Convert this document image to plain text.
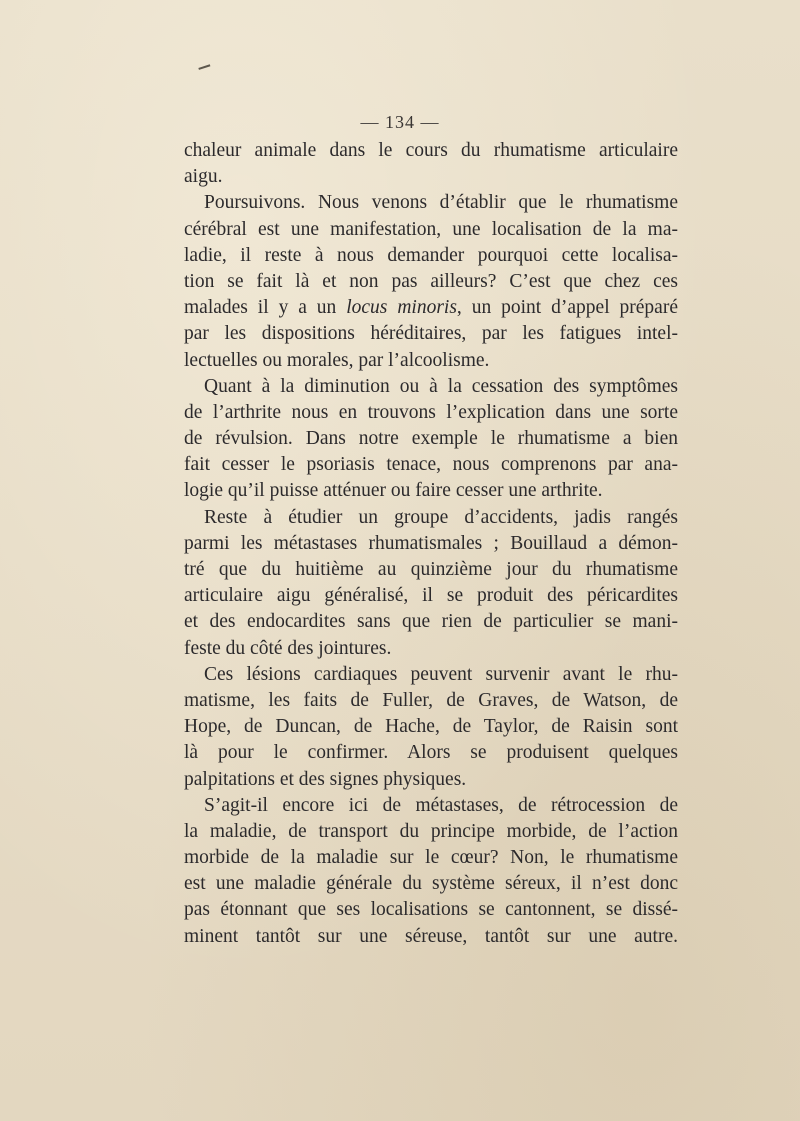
— 134 —
chaleur animale dans le cours du rhumatisme articulaire
aigu.
Poursuivons. Nous venons d’établir que le rhumatisme
cérébral est une manifestation, une localisation de la ma-
ladie, il reste à nous demander pourquoi cette localisa-
tion se fait là et non pas ailleurs? C’est que chez ces
malades il y a un locus minoris, un point d’appel préparé
par les dispositions héréditaires, par les fatigues intel-
lectuelles ou morales, par l’alcoolisme.
Quant à la diminution ou à la cessation des symptômes
de l’arthrite nous en trouvons l’explication dans une sorte
de révulsion. Dans notre exemple le rhumatisme a bien
fait cesser le psoriasis tenace, nous comprenons par ana-
logie qu’il puisse atténuer ou faire cesser une arthrite.
Reste à étudier un groupe d’accidents, jadis rangés
parmi les métastases rhumatismales ; Bouillaud a démon-
tré que du huitième au quinzième jour du rhumatisme
articulaire aigu généralisé, il se produit des péricardites
et des endocardites sans que rien de particulier se mani-
feste du côté des jointures.
Ces lésions cardiaques peuvent survenir avant le rhu-
matisme, les faits de Fuller, de Graves, de Watson, de
Hope, de Duncan, de Hache, de Taylor, de Raisin sont
là pour le confirmer. Alors se produisent quelques
palpitations et des signes physiques.
S’agit-il encore ici de métastases, de rétrocession de
la maladie, de transport du principe morbide, de l’action
morbide de la maladie sur le cœur? Non, le rhumatisme
est une maladie générale du système séreux, il n’est donc
pas étonnant que ses localisations se cantonnent, se dissé-
minent tantôt sur une séreuse, tantôt sur une autre.
